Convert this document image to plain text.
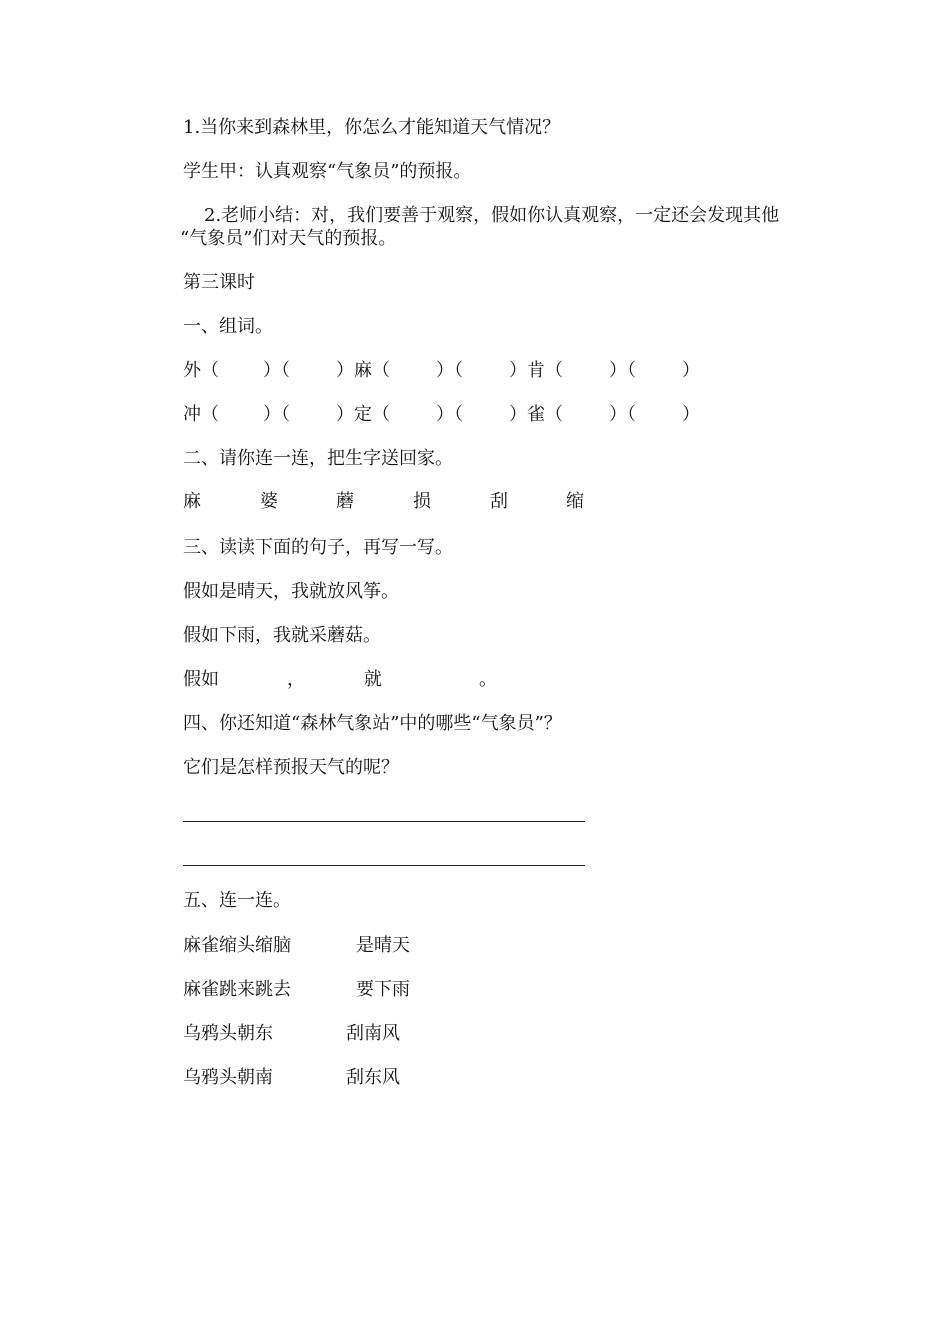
1.当你来到森林里，你怎么才能知道天气情况？
学生甲：认真观察“气象员”的预报。
2.老师小结：对，我们要善于观察，假如你认真观察，一定还会发现其他
“气象员”们对天气的预报。
第三课时
一、组词。
外（ ）（	）麻（	）（	）肯（	）（	）
冲（ ）（	）定（	）（	）雀（	）（	）
二、请你连一连，把生字送回家。
麻	婆	蘑	损	刮	缩
三、读读下面的句子，再写一写。
假如是晴天，我就放风筝。
假如下雨，我就采蘑菇。
假如	，	就	。
四、你还知道“森林气象站”中的哪些“气象员”？
它们是怎样预报天气的呢？
五、连一连。
麻雀缩头缩脑	是晴天
麻雀跳来跳去	要下雨
乌鸦头朝东	刮南风
乌鸦头朝南	刮东风
